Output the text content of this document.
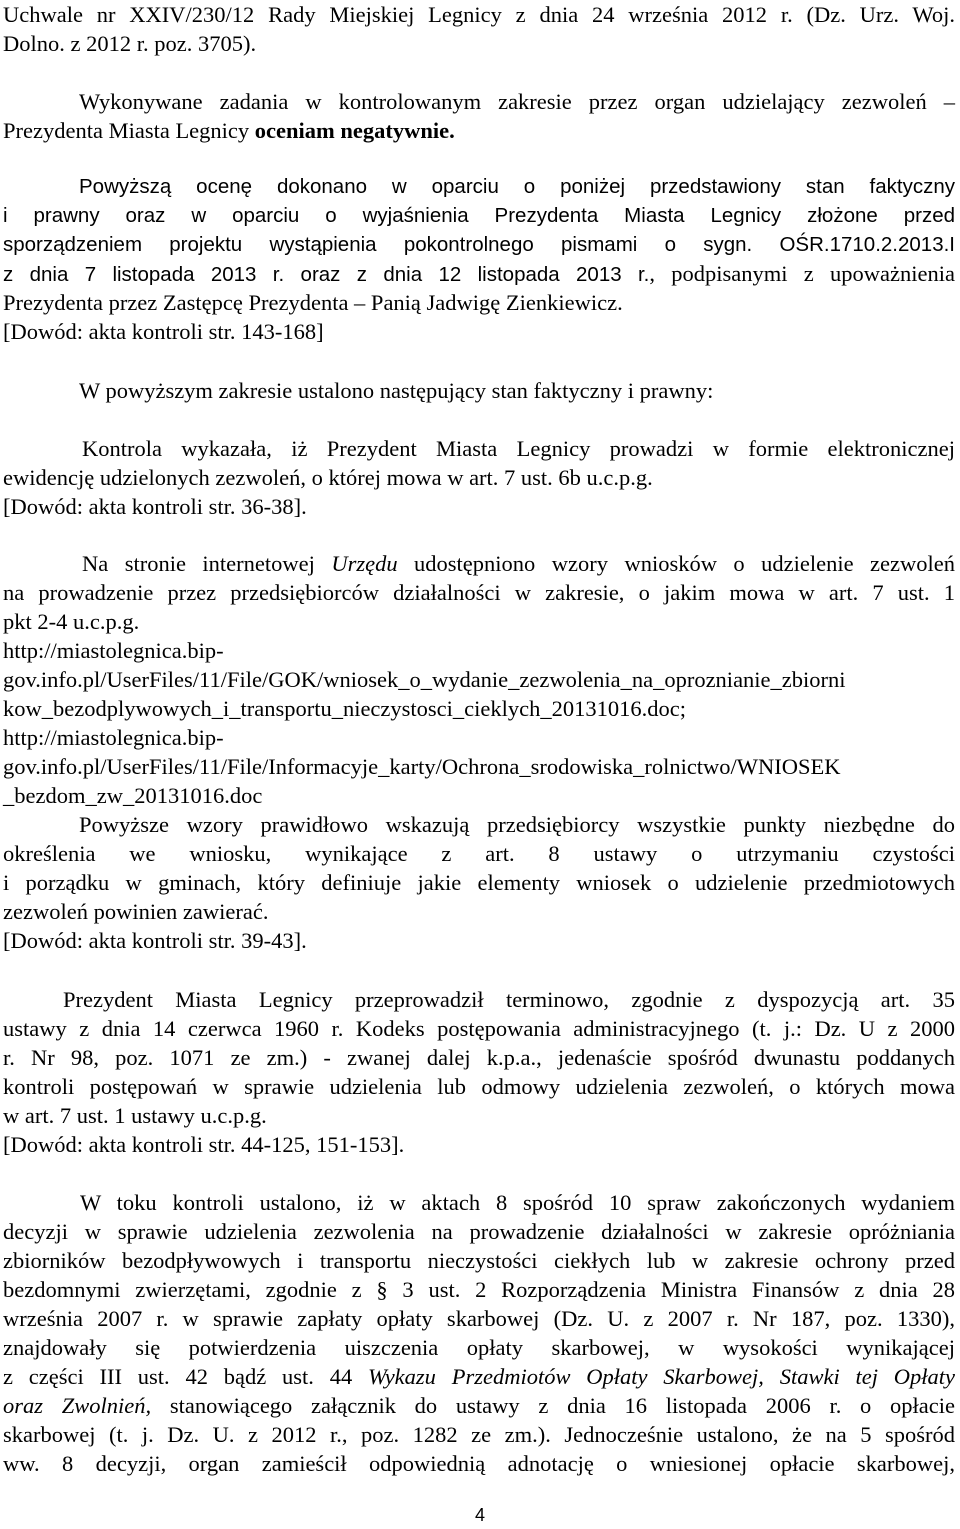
Uchwale nr XXIV/230/12 Rady Miejskiej Legnicy z dnia 24 września 2012 r. (Dz. Urz. Woj.
Dolno. z 2012 r. poz. 3705).
Wykonywane zadania w kontrolowanym zakresie przez organ udzielający zezwoleń –
Prezydenta Miasta Legnicy oceniam negatywnie.
Powyższą ocenę dokonano w oparciu o poniżej przedstawiony stan faktyczny
i prawny oraz w oparciu o wyjaśnienia Prezydenta Miasta Legnicy złożone przed
sporządzeniem projektu wystąpienia pokontrolnego pismami o sygn. OŚR.1710.2.2013.I
z dnia 7 listopada 2013 r. oraz z dnia 12 listopada 2013 r., podpisanymi z upoważnienia
Prezydenta przez Zastępcę Prezydenta – Panią Jadwigę Zienkiewicz.
[Dowód: akta kontroli str. 143-168]
W powyższym zakresie ustalono następujący stan faktyczny i prawny:
Kontrola wykazała, iż Prezydent Miasta Legnicy prowadzi w formie elektronicznej
ewidencję udzielonych zezwoleń, o której mowa w art. 7 ust. 6b u.c.p.g.
[Dowód: akta kontroli str. 36-38].
Na stronie internetowej Urzędu udostępniono wzory wniosków o udzielenie zezwoleń
na prowadzenie przez przedsiębiorców działalności w zakresie, o jakim mowa w art. 7 ust. 1
pkt 2-4 u.c.p.g.
http://miastolegnica.bip-
gov.info.pl/UserFiles/11/File/GOK/wniosek_o_wydanie_zezwolenia_na_oproznianie_zbiorni
kow_bezodplywowych_i_transportu_nieczystosci_cieklych_20131016.doc;
http://miastolegnica.bip-
gov.info.pl/UserFiles/11/File/Informacyje_karty/Ochrona_srodowiska_rolnictwo/WNIOSEK
_bezdom_zw_20131016.doc
Powyższe wzory prawidłowo wskazują przedsiębiorcy wszystkie punkty niezbędne do
określenia we wniosku, wynikające z art. 8 ustawy o utrzymaniu czystości
i porządku w gminach, który definiuje jakie elementy wniosek o udzielenie przedmiotowych
zezwoleń powinien zawierać.
[Dowód: akta kontroli str. 39-43].
Prezydent Miasta Legnicy przeprowadził terminowo, zgodnie z dyspozycją art. 35
ustawy z dnia 14 czerwca 1960 r. Kodeks postępowania administracyjnego (t. j.: Dz. U z 2000
r. Nr 98, poz. 1071 ze zm.) - zwanej dalej k.p.a., jedenaście spośród dwunastu poddanych
kontroli postępowań w sprawie udzielenia lub odmowy udzielenia zezwoleń, o których mowa
w art. 7 ust. 1 ustawy u.c.p.g.
[Dowód: akta kontroli str. 44-125, 151-153].
W toku kontroli ustalono, iż w aktach 8 spośród 10 spraw zakończonych wydaniem
decyzji w sprawie udzielenia zezwolenia na prowadzenie działalności w zakresie opróżniania
zbiorników bezodpływowych i transportu nieczystości ciekłych lub w zakresie ochrony przed
bezdomnymi zwierzętami, zgodnie z § 3 ust. 2 Rozporządzenia Ministra Finansów z dnia 28
września 2007 r. w sprawie zapłaty opłaty skarbowej (Dz. U. z 2007 r. Nr 187, poz. 1330),
znajdowały się potwierdzenia uiszczenia opłaty skarbowej, w wysokości wynikającej
z części III ust. 42 bądź ust. 44 Wykazu Przedmiotów Opłaty Skarbowej, Stawki tej Opłaty
oraz Zwolnień, stanowiącego załącznik do ustawy z dnia 16 listopada 2006 r. o opłacie
skarbowej (t. j. Dz. U. z 2012 r., poz. 1282 ze zm.). Jednocześnie ustalono, że na 5 spośród
ww. 8 decyzji, organ zamieścił odpowiednią adnotację o wniesionej opłacie skarbowej,
4
